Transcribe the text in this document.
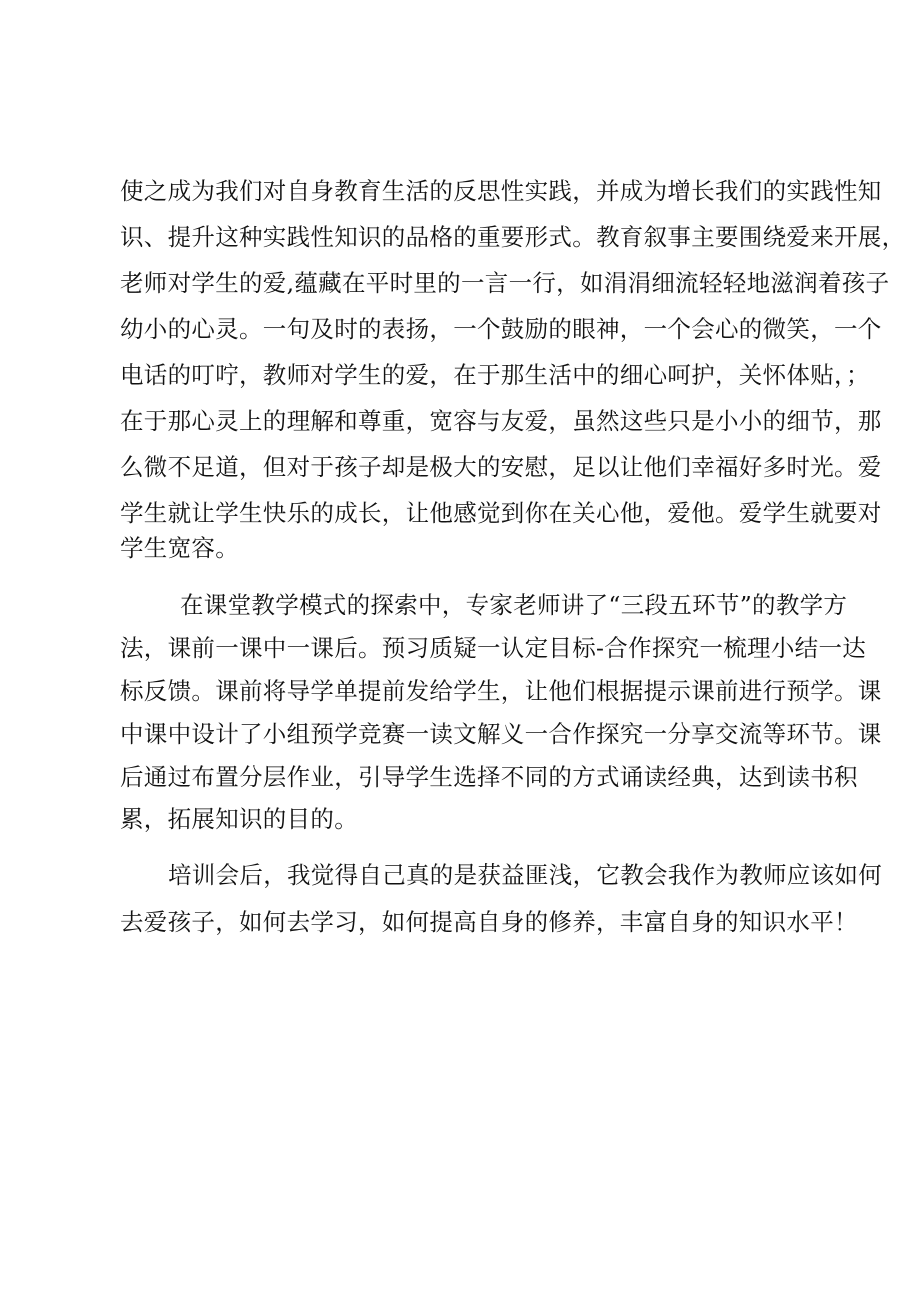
使之成为我们对自身教育生活的反思性实践，并成为增长我们的实践性知
识、提升这种实践性知识的品格的重要形式。教育叙事主要围绕爱来开展，
老师对学生的爱,蕴藏在平时里的一言一行，如涓涓细流轻轻地滋润着孩子
幼小的心灵。一句及时的表扬，一个鼓励的眼神，一个会心的微笑，一个
电话的叮咛，教师对学生的爱，在于那生活中的细心呵护，关怀体贴，；
在于那心灵上的理解和尊重，宽容与友爱，虽然这些只是小小的细节，那
么微不足道，但对于孩子却是极大的安慰，足以让他们幸福好多时光。爱
学生就让学生快乐的成长，让他感觉到你在关心他，爱他。爱学生就要对
学生宽容。
在课堂教学模式的探索中，专家老师讲了“三段五环节”的教学方
法，课前一课中一课后。预习质疑一认定目标-合作探究一梳理小结一达
标反馈。课前将导学单提前发给学生，让他们根据提示课前进行预学。课
中课中设计了小组预学竞赛一读文解义一合作探究一分享交流等环节。课
后通过布置分层作业，引导学生选择不同的方式诵读经典，达到读书积
累，拓展知识的目的。
培训会后，我觉得自己真的是获益匪浅，它教会我作为教师应该如何
去爱孩子，如何去学习，如何提高自身的修养，丰富自身的知识水平！
